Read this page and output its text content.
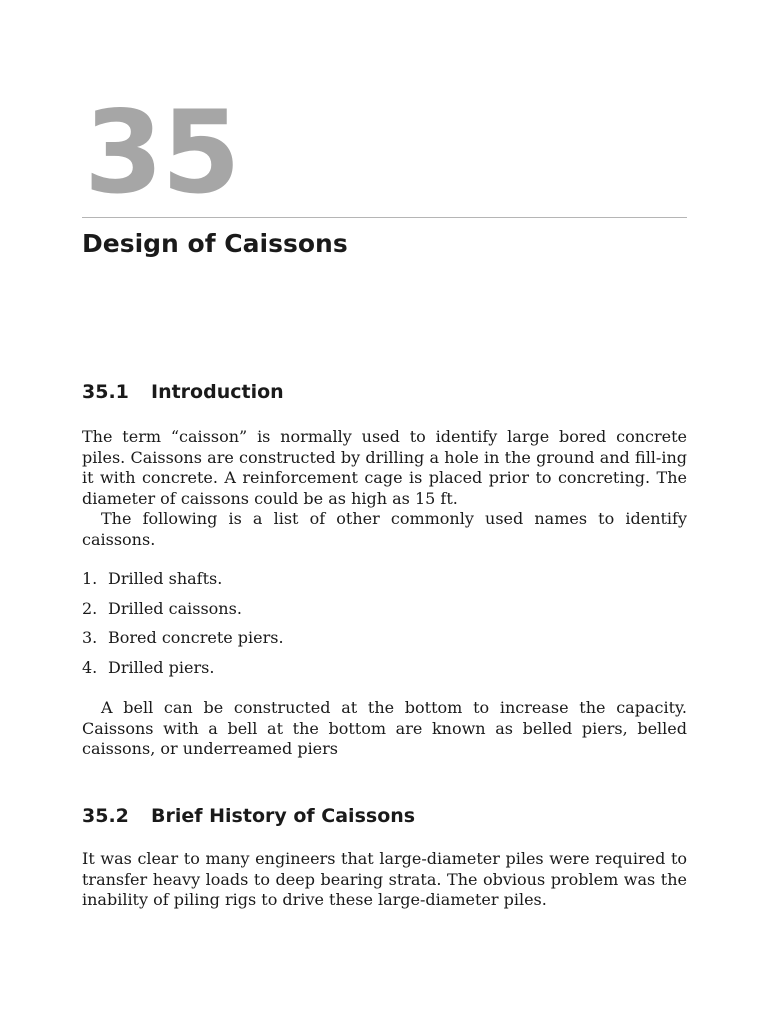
35
Design of Caissons
35.1 Introduction

The term “caisson” is normally used to identify large bored concrete piles. Caissons are constructed by drilling a hole in the ground and fill-ing it with concrete. A reinforcement cage is placed prior to concreting. The diameter of caissons could be as high as 15 ft.

The following is a list of other commonly used names to identify caissons.

1. Drilled shafts.
2. Drilled caissons.
3. Bored concrete piers.
4. Drilled piers.

A bell can be constructed at the bottom to increase the capacity. Caissons with a bell at the bottom are known as belled piers, belled caissons, or underreamed piers

35.2 Brief History of Caissons

It was clear to many engineers that large-diameter piles were required to transfer heavy loads to deep bearing strata. The obvious problem was the inability of piling rigs to drive these large-diameter piles.
